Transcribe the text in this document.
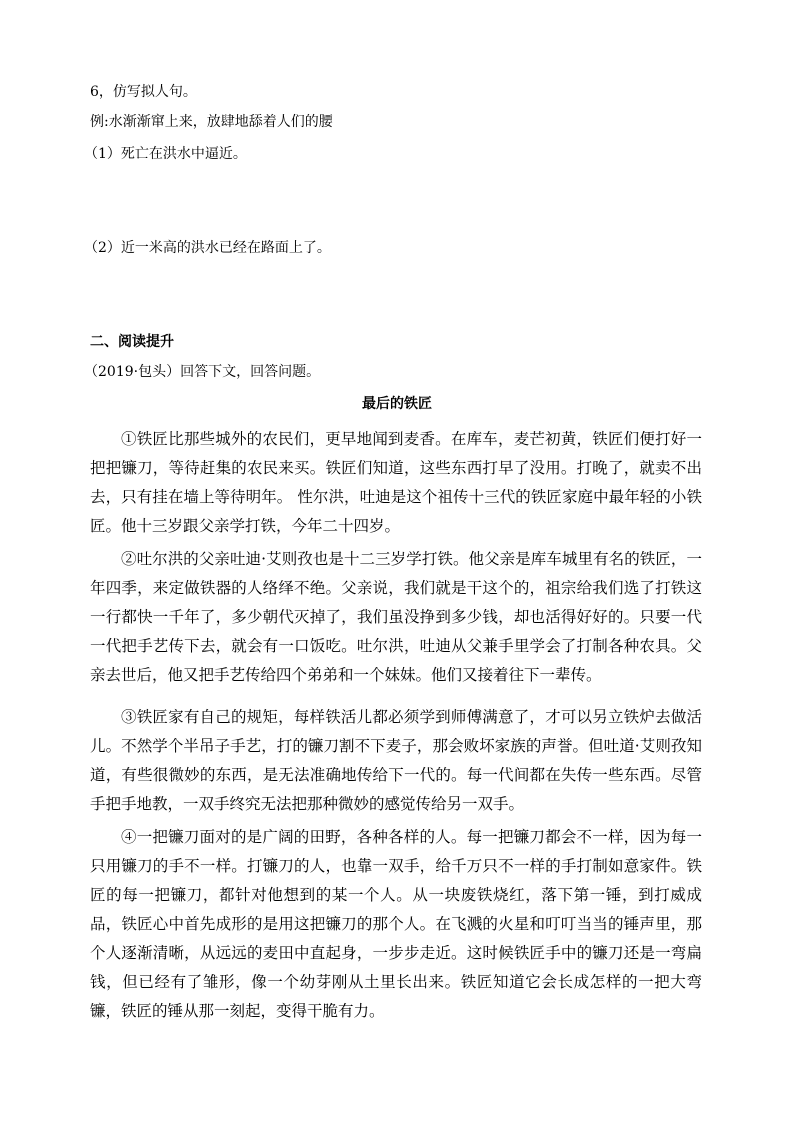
6，仿写拟人句。
例:水渐渐窜上来，放肆地舔着人们的腰
（1）死亡在洪水中逼近。
（2）近一米高的洪水已经在路面上了。
二、阅读提升
（2019·包头）回答下文，回答问题。
最后的铁匠
①铁匠比那些城外的农民们，更早地闻到麦香。在库车，麦芒初黄，铁匠们便打好一把把镰刀，等待赶集的农民来买。铁匠们知道，这些东西打早了没用。打晚了，就卖不出去，只有挂在墙上等待明年。 性尔洪，吐迪是这个祖传十三代的铁匠家庭中最年轻的小铁匠。他十三岁跟父亲学打铁，今年二十四岁。
②吐尔洪的父亲吐迪·艾则孜也是十二三岁学打铁。他父亲是库车城里有名的铁匠，一年四季，来定做铁器的人络绎不绝。父亲说，我们就是干这个的，祖宗给我们选了打铁这一行都快一千年了，多少朝代灭掉了，我们虽没挣到多少钱，却也活得好好的。只要一代一代把手艺传下去，就会有一口饭吃。吐尔洪，吐迪从父兼手里学会了打制各种农具。父亲去世后，他又把手艺传给四个弟弟和一个妹妹。他们又接着往下一辈传。
③铁匠家有自己的规矩，每样铁活儿都必须学到师傅满意了，才可以另立铁炉去做活儿。不然学个半吊子手艺，打的镰刀割不下麦子，那会败坏家族的声誉。但吐道·艾则孜知道，有些很微妙的东西，是无法准确地传给下一代的。每一代间都在失传一些东西。尽管手把手地教，一双手终究无法把那种微妙的感觉传给另一双手。
④一把镰刀面对的是广阔的田野，各种各样的人。每一把镰刀都会不一样，因为每一只用镰刀的手不一样。打镰刀的人，也靠一双手，给千万只不一样的手打制如意家件。铁匠的每一把镰刀，都针对他想到的某一个人。从一块废铁烧红，落下第一锤，到打威成品，铁匠心中首先成形的是用这把镰刀的那个人。在飞溅的火星和叮叮当当的锤声里，那个人逐渐清晰，从远远的麦田中直起身，一步步走近。这时候铁匠手中的镰刀还是一弯扁钱，但已经有了雏形，像一个幼芽刚从土里长出来。铁匠知道它会长成怎样的一把大弯镰，铁匠的锤从那一刻起，变得干脆有力。
